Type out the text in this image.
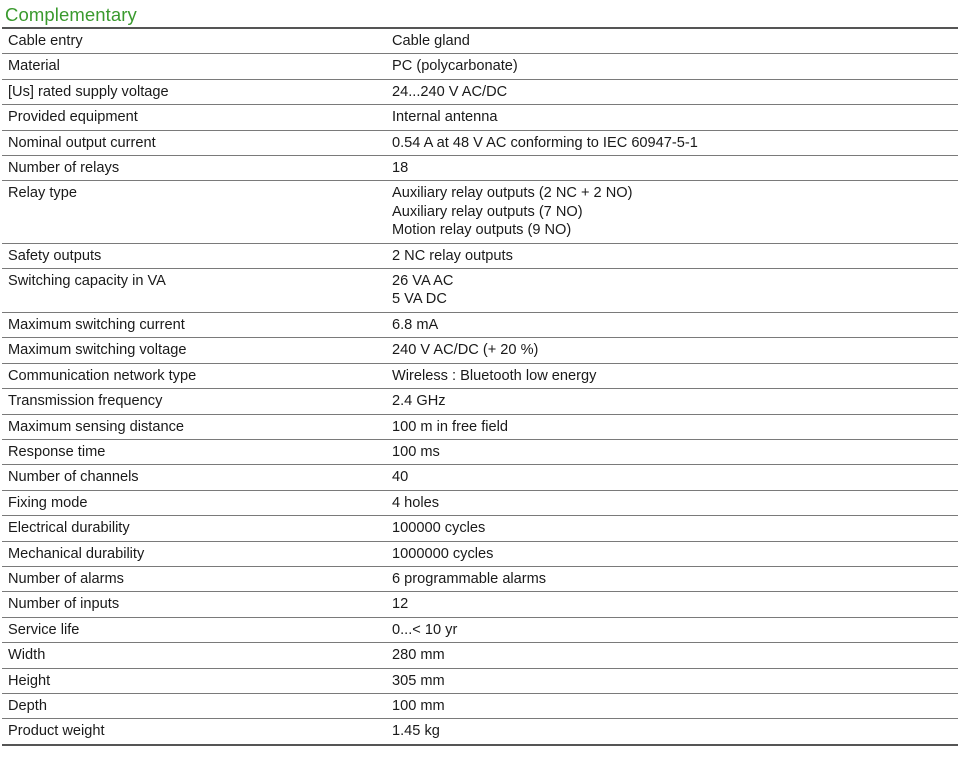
Complementary
Cable entry	Cable gland
Material	PC (polycarbonate)
[Us] rated supply voltage	24...240 V AC/DC
Provided equipment	Internal antenna
Nominal output current	0.54 A at 48 V AC conforming to IEC 60947-5-1
Number of relays	18
Relay type	Auxiliary relay outputs (2 NC + 2 NO)
Auxiliary relay outputs (7 NO)
Motion relay outputs (9 NO)
Safety outputs	2 NC relay outputs
Switching capacity in VA	26 VA AC
5 VA DC
Maximum switching current	6.8 mA
Maximum switching voltage	240 V AC/DC (+ 20 %)
Communication network type	Wireless : Bluetooth low energy
Transmission frequency	2.4 GHz
Maximum sensing distance	100 m in free field
Response time	100 ms
Number of channels	40
Fixing mode	4 holes
Electrical durability	100000 cycles
Mechanical durability	1000000 cycles
Number of alarms	6 programmable alarms
Number of inputs	12
Service life	0...< 10 yr
Width	280 mm
Height	305 mm
Depth	100 mm
Product weight	1.45 kg
